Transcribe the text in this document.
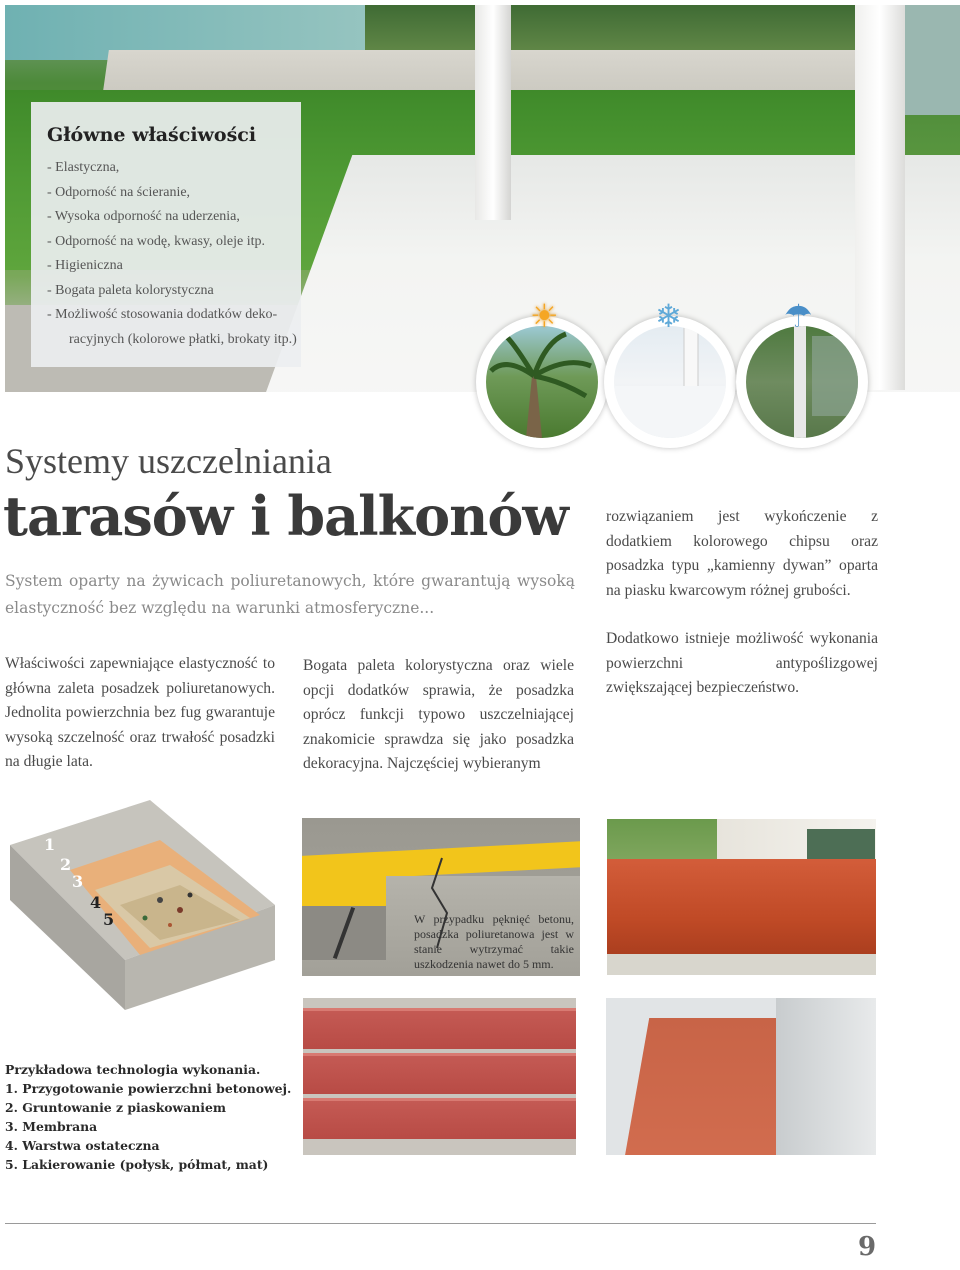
Główne właściwości
- Elastyczna,
- Odporność na ścieranie,
- Wysoka odporność na uderzenia,
- Odporność na wodę, kwasy, oleje itp.
- Higieniczna
- Bogata paleta kolorystyczna
- Możliwość stosowania dodatków deko-
racyjnych (kolorowe płatki, brokaty itp.)
☀	❄	☂
Systemy uszczelniania
tarasów i balkonów

System oparty na żywicach poliuretanowych, które gwarantują wysoką elastyczność bez względu na warunki atmosferyczne...

Właściwości zapewniające elastyczność to główna zaleta posadzek poliuretanowych. Jednolita powierzchnia bez fug gwarantuje wysoką szczelność oraz trwałość posadzki na długie lata.

Bogata paleta kolorystyczna oraz wiele opcji dodatków sprawia, że posadzka oprócz funkcji typowo uszczelniającej znakomicie sprawdza się jako posadzka dekoracyjna. Najczęściej wybieranym

rozwiązaniem jest wykończenie z dodatkiem kolorowego chipsu oraz posadzka typu „kamienny dywan” oparta na piasku kwarcowym różnej grubości.

Dodatkowo istnieje możliwość wykonania powierzchni antypoślizgowej zwiększającej bezpieczeństwo.

1
2
3
4
5	W przypadku pęknięć betonu, posadzka poliuretanowa jest w stanie wytrzymać takie uszkodzenia nawet do 5 mm.

Przykładowa technologia wykonania.
1. Przygotowanie powierzchni betonowej.
2. Gruntowanie z piaskowaniem
3. Membrana
4. Warstwa ostateczna
5. Lakierowanie (połysk, półmat, mat)
9
